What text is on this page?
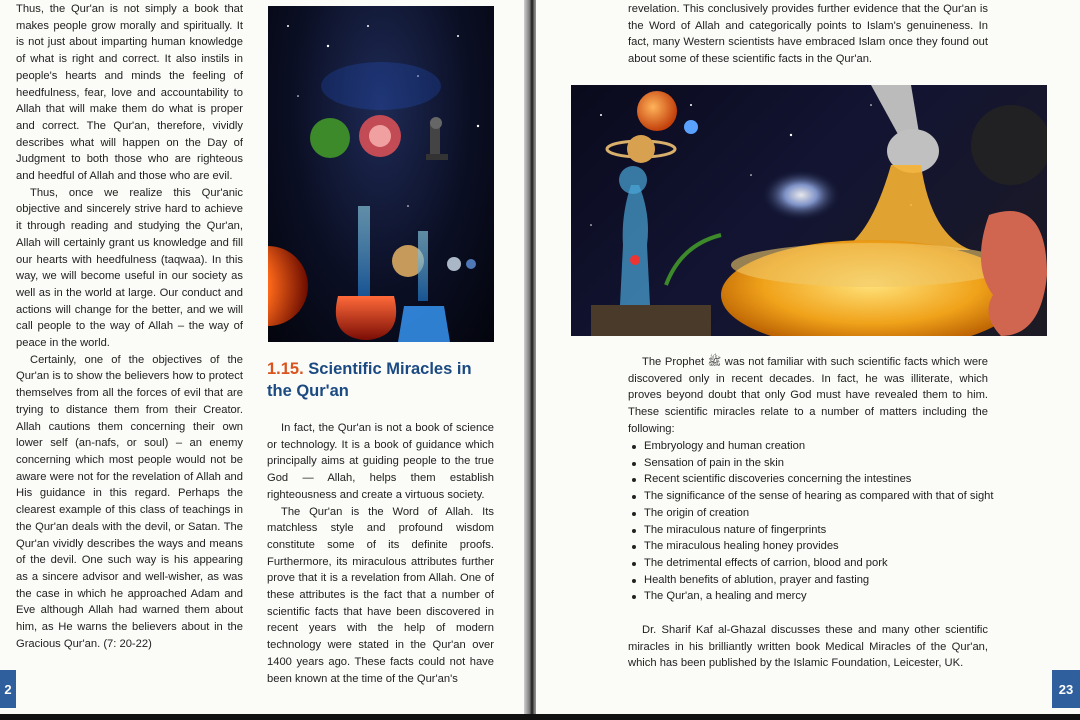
Thus, the Qur'an is not simply a book that makes people grow morally and spiritually. It is not just about imparting human knowledge of what is right and correct. It also instils in people's hearts and minds the feeling of heedfulness, fear, love and accountability to Allah that will make them do what is proper and correct. The Qur'an, therefore, vividly describes what will happen on the Day of Judgment to both those who are righteous and heedful of Allah and those who are evil.

Thus, once we realize this Qur'anic objective and sincerely strive hard to achieve it through reading and studying the Qur'an, Allah will certainly grant us knowledge and fill our hearts with heedfulness (taqwaa). In this way, we will become useful in our society as well as in the world at large. Our conduct and actions will change for the better, and we will call people to the way of Allah – the way of peace in the world.

Certainly, one of the objectives of the Qur'an is to show the believers how to protect themselves from all the forces of evil that are trying to distance them from their Creator. Allah cautions them concerning their own lower self (an-nafs, or soul) – an enemy concerning which most people would not be aware were not for the revelation of Allah and His guidance in this regard. Perhaps the clearest example of this class of teachings in the Qur'an deals with the devil, or Satan. The Qur'an vividly describes the ways and means of the devil. One such way is his appearing as a sincere advisor and well-wisher, as was the case in which he approached Adam and Eve although Allah had warned them about him, as He warns the believers about in the Gracious Qur'an. (7: 20-22)

1.15. Scientific Miracles in the Qur'an

In fact, the Qur'an is not a book of science or technology. It is a book of guidance which principally aims at guiding people to the true God — Allah, helps them establish righteousness and create a virtuous society.

The Qur'an is the Word of Allah. Its matchless style and profound wisdom constitute some of its definite proofs. Furthermore, its miraculous attributes further prove that it is a revelation from Allah. One of these attributes is the fact that a number of scientific facts that have been discovered in recent years with the help of modern technology were stated in the Qur'an over 1400 years ago. These facts could not have been known at the time of the Qur'an's

2

revelation. This conclusively provides further evidence that the Qur'an is the Word of Allah and categorically points to Islam's genuineness. In fact, many Western scientists have embraced Islam once they found out about some of these scientific facts in the Qur'an.

The Prophet ﷺ was not familiar with such scientific facts which were discovered only in recent decades. In fact, he was illiterate, which proves beyond doubt that only God must have revealed them to him. These scientific miracles relate to a number of matters including the following:

Embryology and human creation
Sensation of pain in the skin
Recent scientific discoveries concerning the intestines
The significance of the sense of hearing as compared with that of sight
The origin of creation
The miraculous nature of fingerprints
The miraculous healing honey provides
The detrimental effects of carrion, blood and pork
Health benefits of ablution, prayer and fasting
The Qur'an, a healing and mercy

Dr. Sharif Kaf al-Ghazal discusses these and many other scientific miracles in his brilliantly written book Medical Miracles of the Qur'an, which has been published by the Islamic Foundation, Leicester, UK.

23
